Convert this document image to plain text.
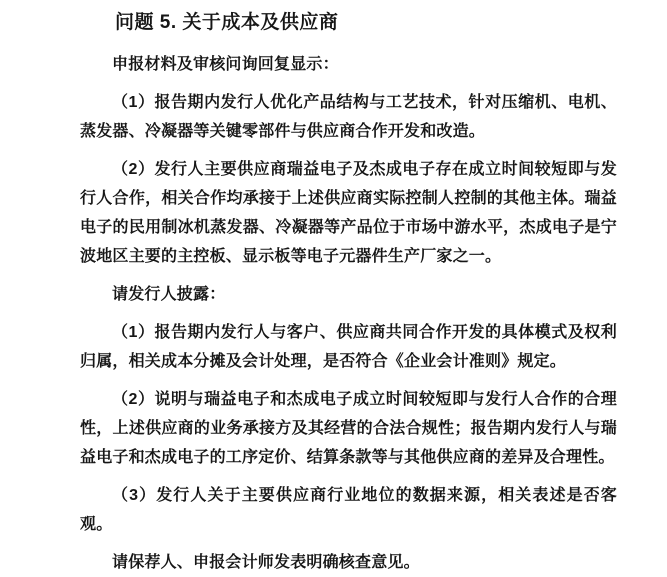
问题 5. 关于成本及供应商

申报材料及审核问询回复显示：

（1）报告期内发行人优化产品结构与工艺技术，针对压缩机、电机、蒸发器、冷凝器等关键零部件与供应商合作开发和改造。

（2）发行人主要供应商瑞益电子及杰成电子存在成立时间较短即与发行人合作，相关合作均承接于上述供应商实际控制人控制的其他主体。瑞益电子的民用制冰机蒸发器、冷凝器等产品位于市场中游水平，杰成电子是宁波地区主要的主控板、显示板等电子元器件生产厂家之一。

请发行人披露：

（1）报告期内发行人与客户、供应商共同合作开发的具体模式及权利归属，相关成本分摊及会计处理，是否符合《企业会计准则》规定。

（2）说明与瑞益电子和杰成电子成立时间较短即与发行人合作的合理性，上述供应商的业务承接方及其经营的合法合规性；报告期内发行人与瑞益电子和杰成电子的工序定价、结算条款等与其他供应商的差异及合理性。

（3）发行人关于主要供应商行业地位的数据来源，相关表述是否客观。

请保荐人、申报会计师发表明确核查意见。
